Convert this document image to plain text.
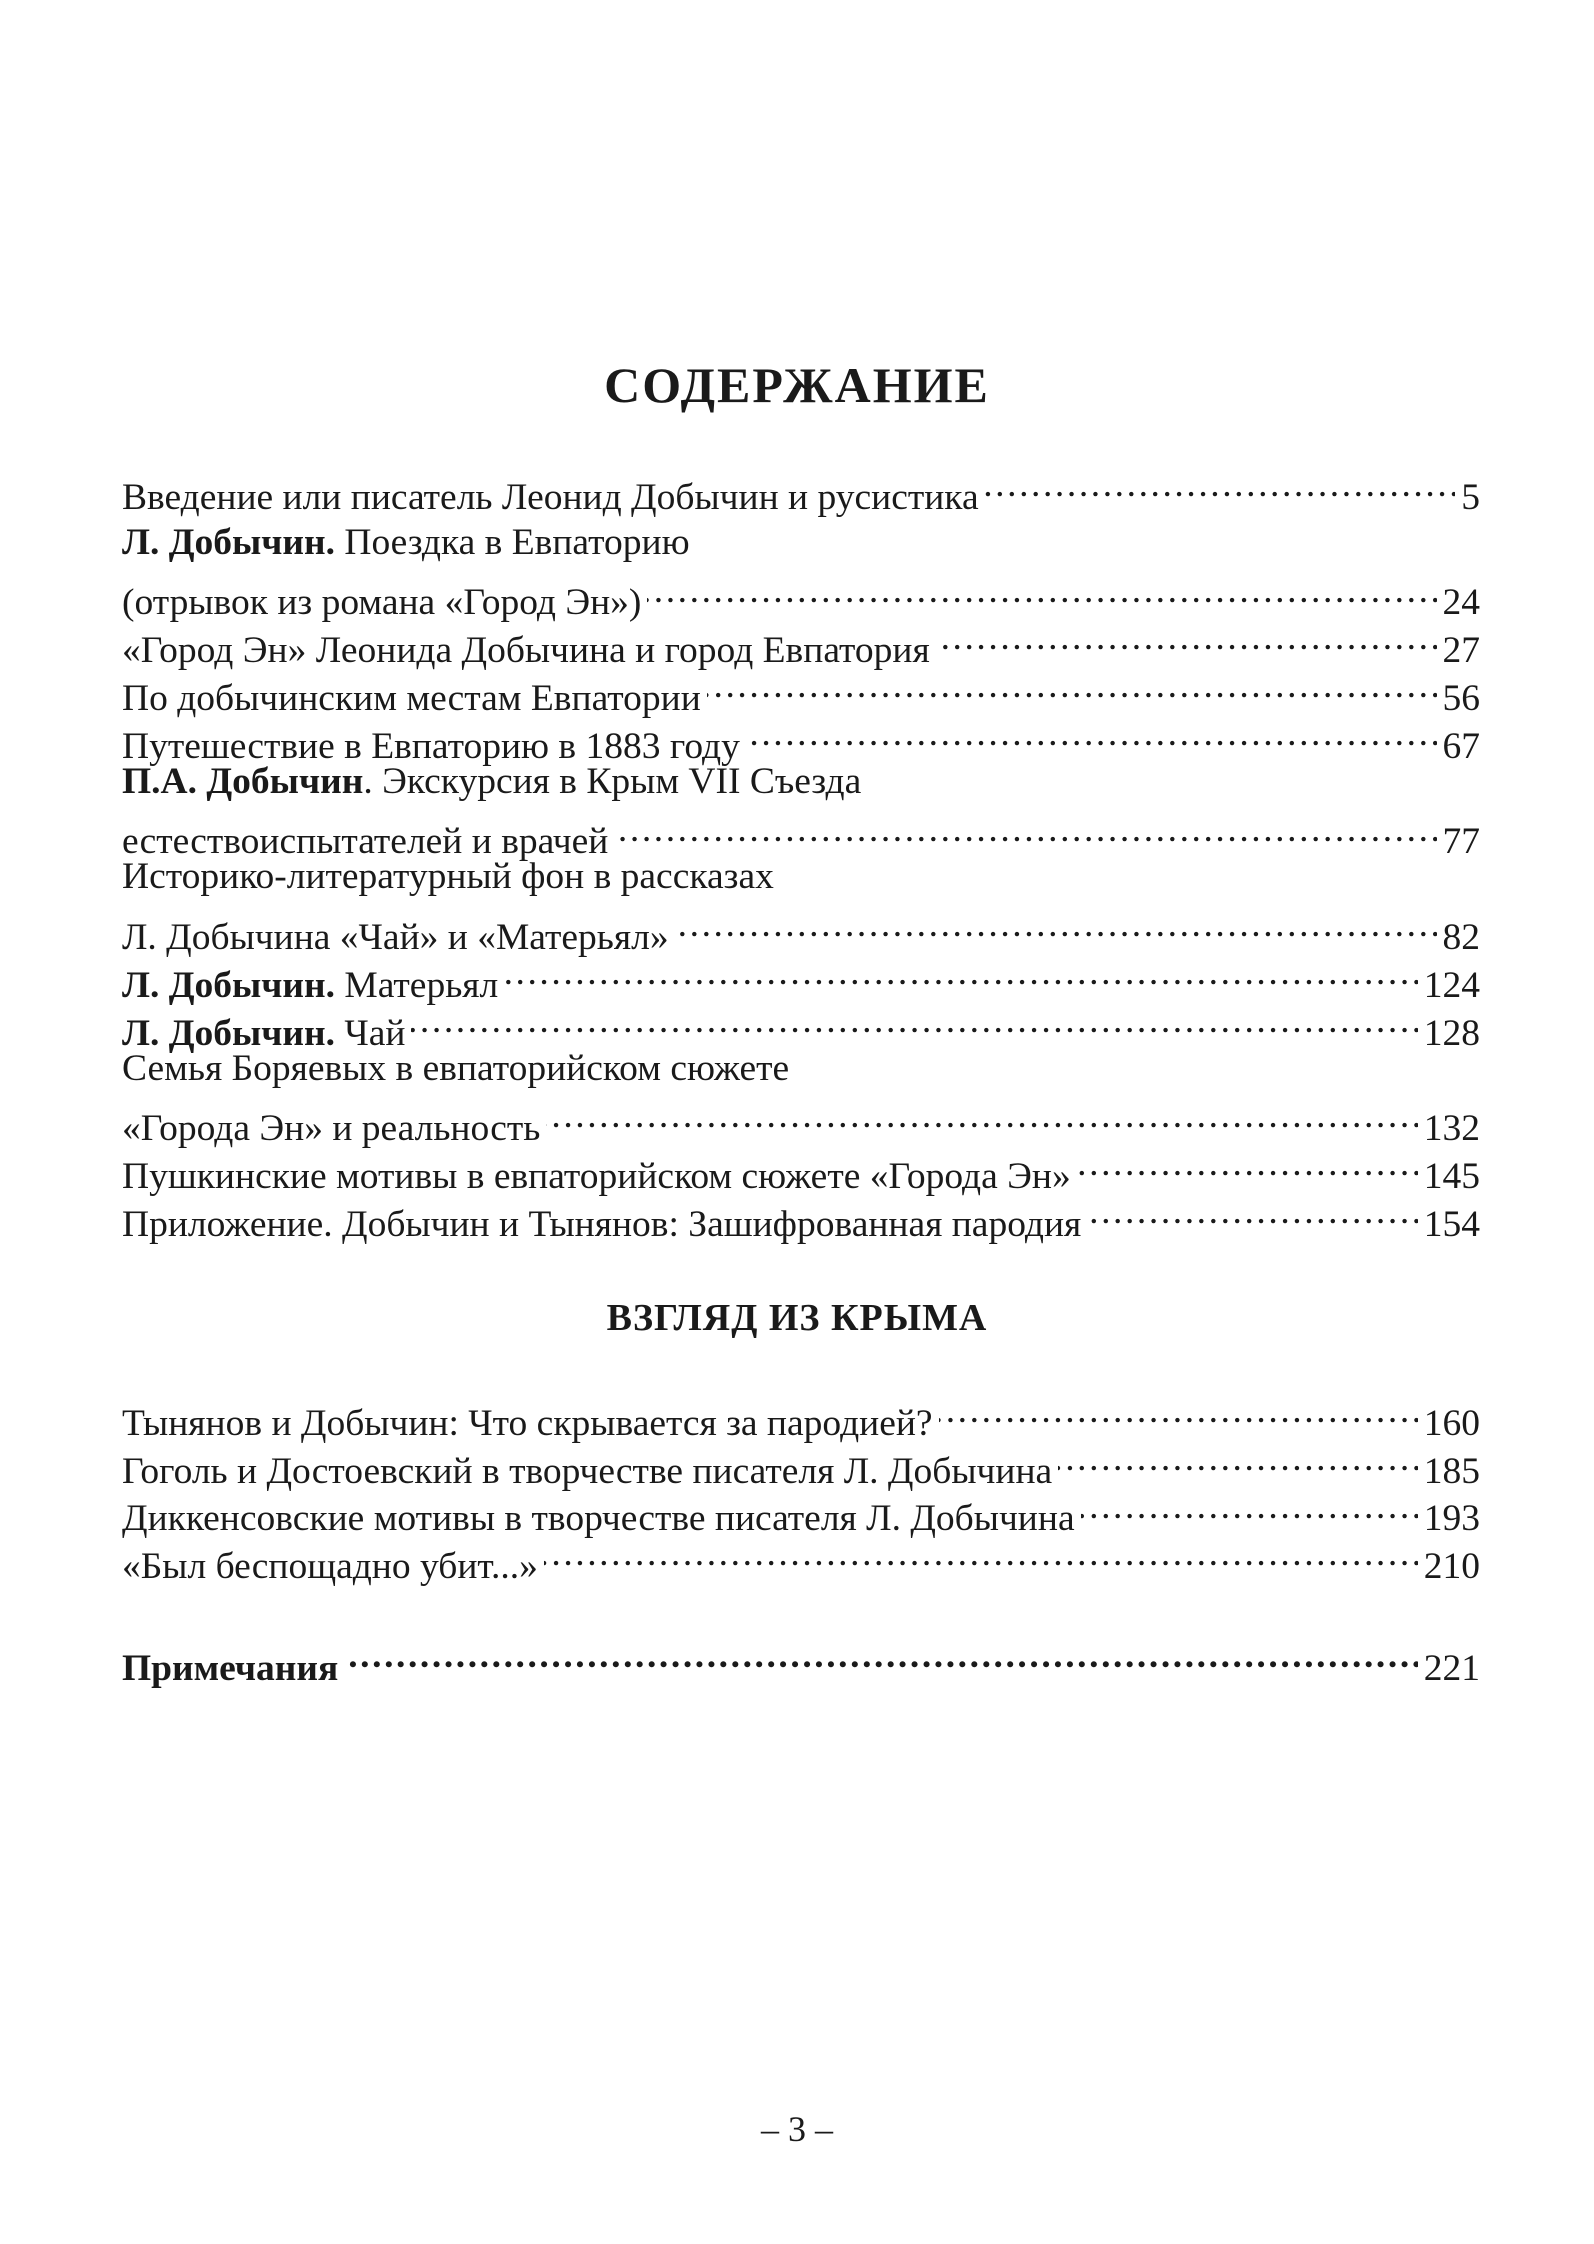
СОДЕРЖАНИЕ
Введение или писатель Леонид Добычин и русистика . . .	5
Л. Добычин.
Поездка в Евпаторию
(отрывок из романа «Город Эн») . . .	24
«Город Эн» Леонида Добычина и город Евпатория . . .	27
По добычинским местам Евпатории . . .	56
Путешествие в Евпаторию в 1883 году . . .	67
П.А. Добычин . Экскурсия в Крым VII Съезда
естествоиспытателей и врачей . . .	77
Историко-литературный фон в рассказах
Л. Добычина «Чай» и «Матерьял» . . .	82
Л. Добычин.
Матерьял . . .	124
Л. Добычин.
Чай . . .	128
Семья Боряевых в евпаторийском сюжете
«Города Эн» и реальность . . .	132
Пушкинские мотивы в евпаторийском сюжете «Города Эн» . . .	145
Приложение. Добычин и Тынянов: Зашифрованная пародия . . .	154
ВЗГЛЯД ИЗ КРЫМА
Тынянов и Добычин: Что скрывается за пародией? . . .	160
Гоголь и Достоевский в творчестве писателя Л. Добычина . . .	185
Диккенсовские мотивы в творчестве писателя Л. Добычина . . .	193
«Был беспощадно убит...» . . .	210
Примечания . . .	221
– 3 –
